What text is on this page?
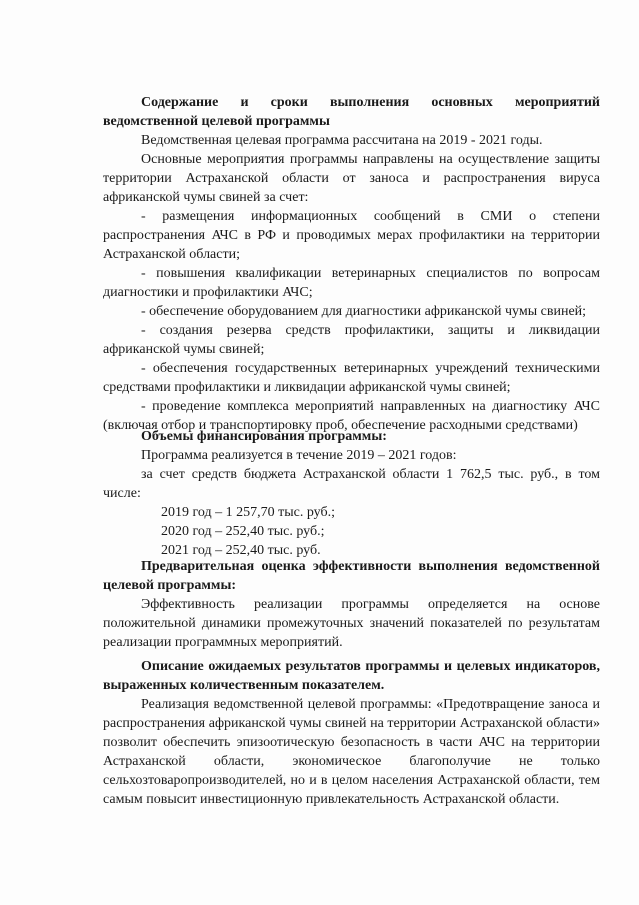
Содержание и сроки выполнения основных мероприятий ведомственной целевой программы

Ведомственная целевая программа рассчитана на 2019 - 2021 годы.

Основные мероприятия программы направлены на осуществление защиты территории Астраханской области от заноса и распространения вируса африканской чумы свиней за счет:

- размещения информационных сообщений в СМИ о степени распространения АЧС в РФ и проводимых мерах профилактики на территории Астраханской области;

- повышения квалификации ветеринарных специалистов по вопросам диагностики и профилактики АЧС;

- обеспечение оборудованием для диагностики африканской чумы свиней;

- создания резерва средств профилактики, защиты и ликвидации африканской чумы свиней;

- обеспечения государственных ветеринарных учреждений техническими средствами профилактики и ликвидации африканской чумы свиней;

- проведение комплекса мероприятий направленных на диагностику АЧС (включая отбор и транспортировку проб, обеспечение расходными средствами)

Объемы финансирования программы:

Программа реализуется в течение 2019 – 2021 годов:

за счет средств бюджета Астраханской области 1 762,5 тыс. руб., в том числе:

2019 год – 1 257,70 тыс. руб.;
2020 год – 252,40 тыс. руб.;
2021 год – 252,40 тыс. руб.

Предварительная оценка эффективности выполнения ведомственной целевой программы:

Эффективность реализации программы определяется на основе положительной динамики промежуточных значений показателей по результатам реализации программных мероприятий.

Описание ожидаемых результатов программы и целевых индикаторов, выраженных количественным показателем.

Реализация ведомственной целевой программы: «Предотвращение заноса и распространения африканской чумы свиней на территории Астраханской области» позволит обеспечить эпизоотическую безопасность в части АЧС на территории Астраханской области, экономическое благополучие не только сельхозтоваропроизводителей, но и в целом населения Астраханской области, тем самым повысит инвестиционную привлекательность Астраханской области.
